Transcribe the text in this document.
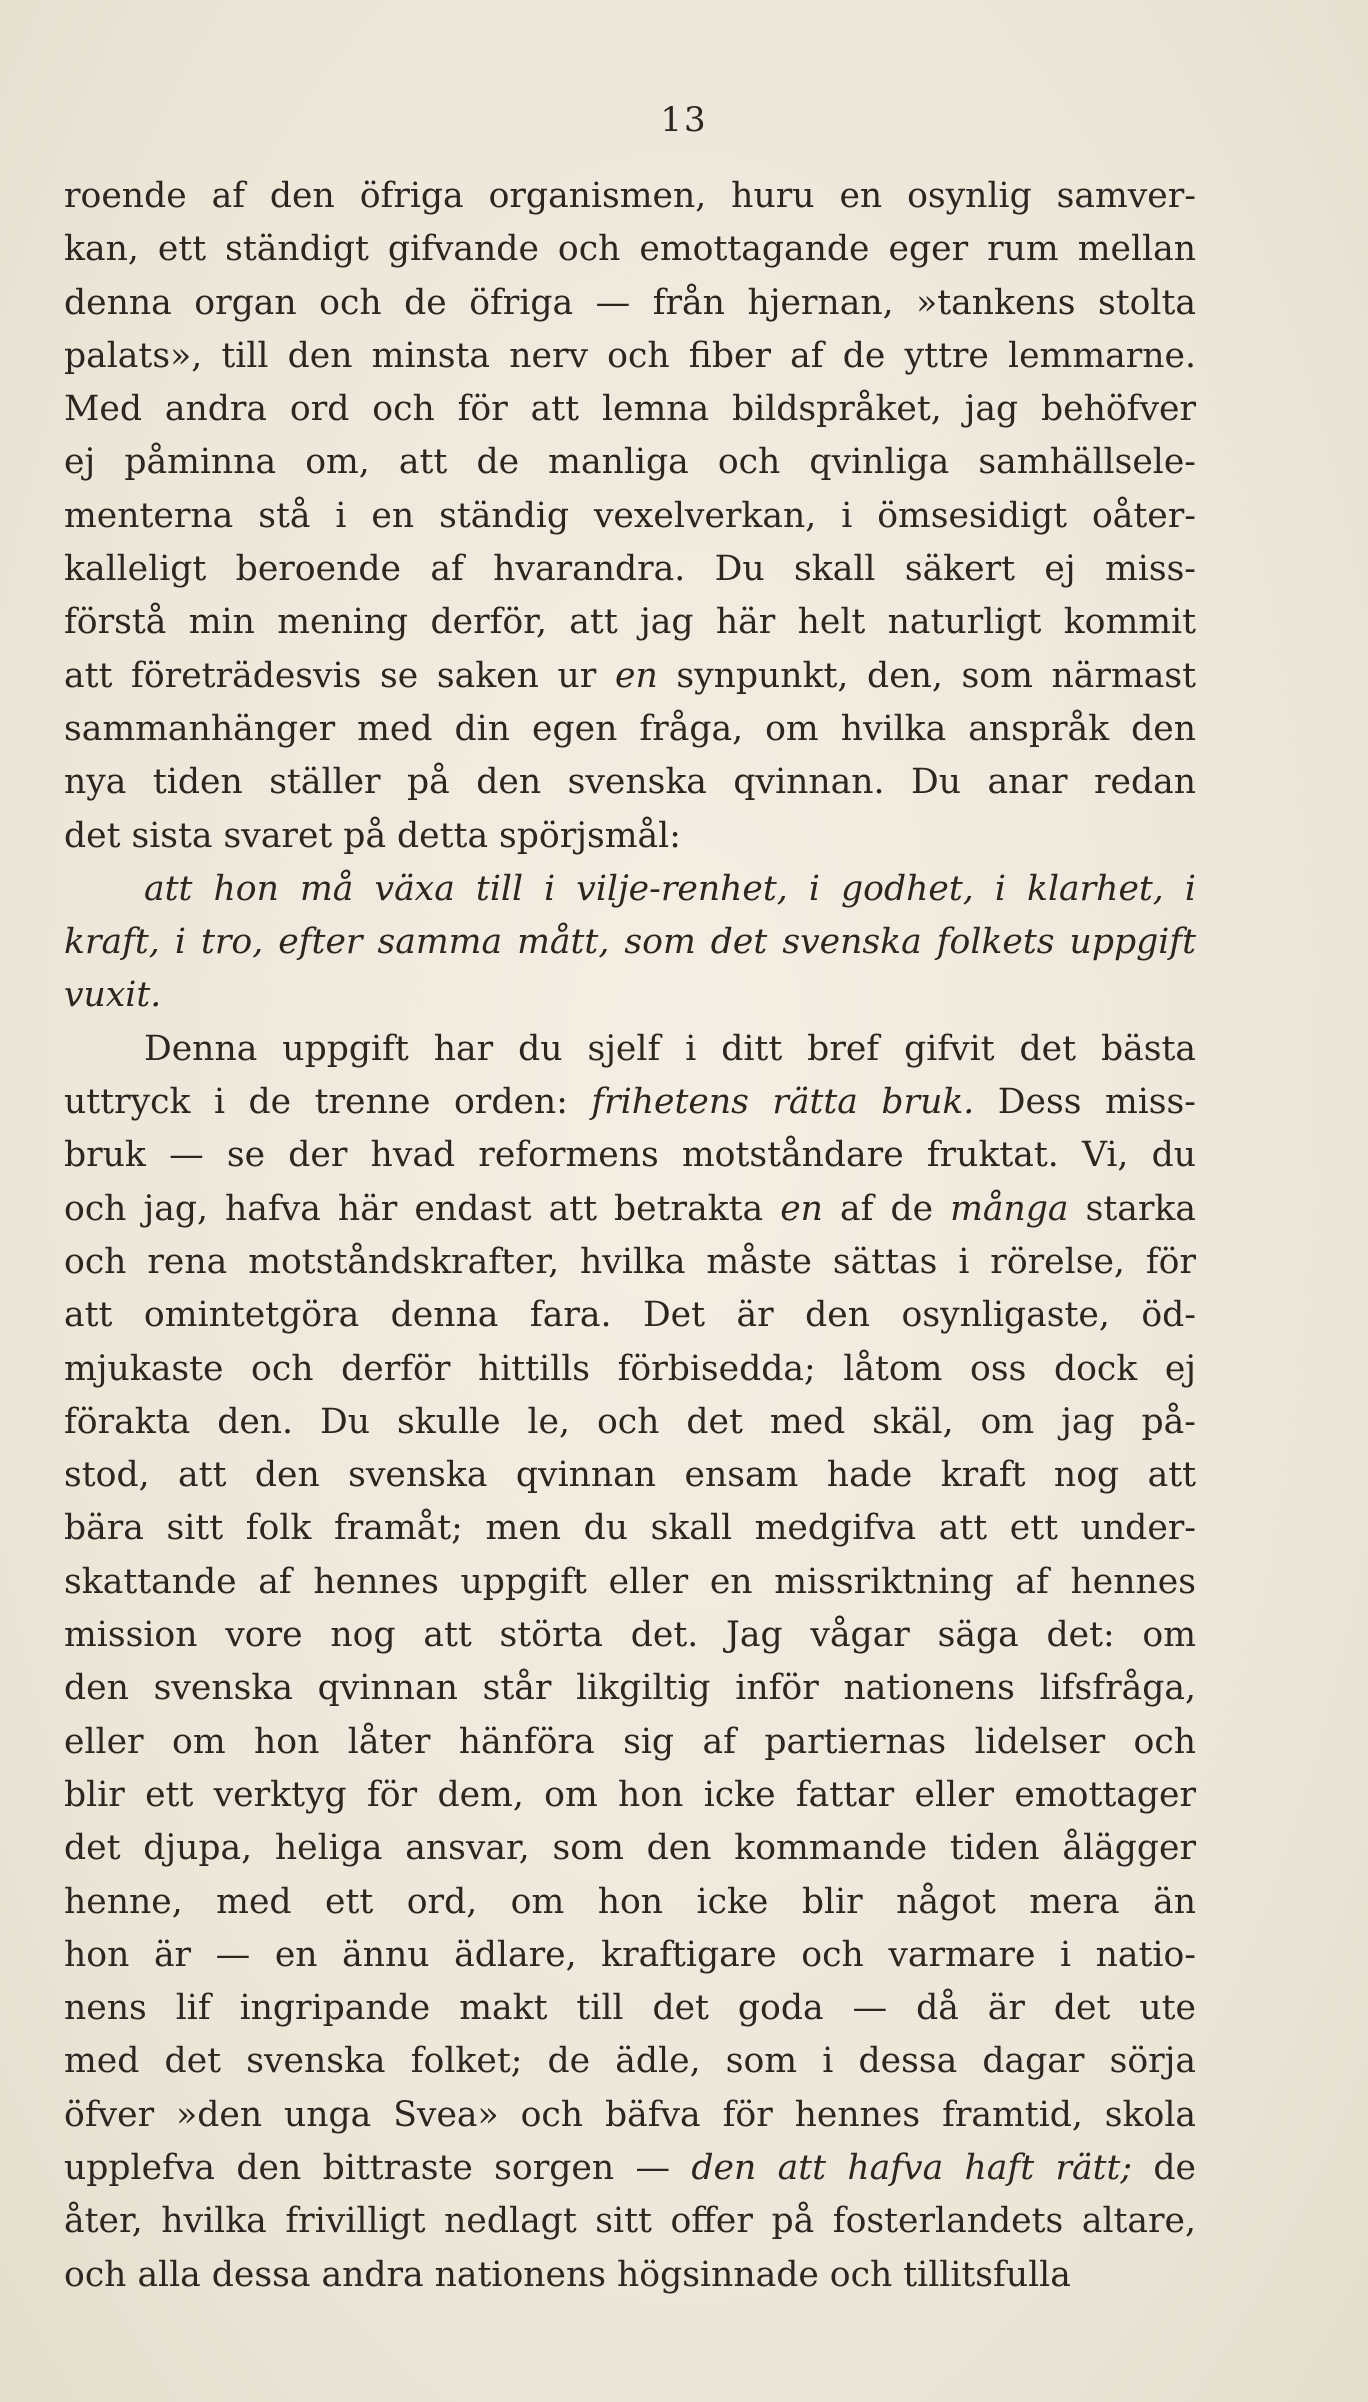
13
roende af den öfriga organismen, huru en osynlig samver-
kan, ett ständigt gifvande och emottagande eger rum mellan
denna organ och de öfriga — från hjernan, »tankens stolta
palats», till den minsta nerv och fiber af de yttre lemmarne.
Med andra ord och för att lemna bildspråket, jag behöfver
ej påminna om, att de manliga och qvinliga samhällsele-
menterna stå i en ständig vexelverkan, i ömsesidigt oåter-
kalleligt beroende af hvarandra. Du skall säkert ej miss-
förstå min mening derför, att jag här helt naturligt kommit
att företrädesvis se saken ur en synpunkt, den, som närmast
sammanhänger med din egen fråga, om hvilka anspråk den
nya tiden ställer på den svenska qvinnan. Du anar redan
det sista svaret på detta spörjsmål:
att hon må växa till i vilje-renhet, i godhet, i klarhet, i
kraft, i tro, efter samma mått, som det svenska folkets uppgift
vuxit.
Denna uppgift har du sjelf i ditt bref gifvit det bästa
uttryck i de trenne orden: frihetens rätta bruk. Dess miss-
bruk — se der hvad reformens motståndare fruktat. Vi, du
och jag, hafva här endast att betrakta en af de många starka
och rena motståndskrafter, hvilka måste sättas i rörelse, för
att omintetgöra denna fara. Det är den osynligaste, öd-
mjukaste och derför hittills förbisedda; låtom oss dock ej
förakta den. Du skulle le, och det med skäl, om jag på-
stod, att den svenska qvinnan ensam hade kraft nog att
bära sitt folk framåt; men du skall medgifva att ett under-
skattande af hennes uppgift eller en missriktning af hennes
mission vore nog att störta det. Jag vågar säga det: om
den svenska qvinnan står likgiltig inför nationens lifsfråga,
eller om hon låter hänföra sig af partiernas lidelser och
blir ett verktyg för dem, om hon icke fattar eller emottager
det djupa, heliga ansvar, som den kommande tiden ålägger
henne, med ett ord, om hon icke blir något mera än
hon är — en ännu ädlare, kraftigare och varmare i natio-
nens lif ingripande makt till det goda — då är det ute
med det svenska folket; de ädle, som i dessa dagar sörja
öfver »den unga Svea» och bäfva för hennes framtid, skola
upplefva den bittraste sorgen — den att hafva haft rätt; de
åter, hvilka frivilligt nedlagt sitt offer på fosterlandets altare,
och alla dessa andra nationens högsinnade och tillitsfulla
